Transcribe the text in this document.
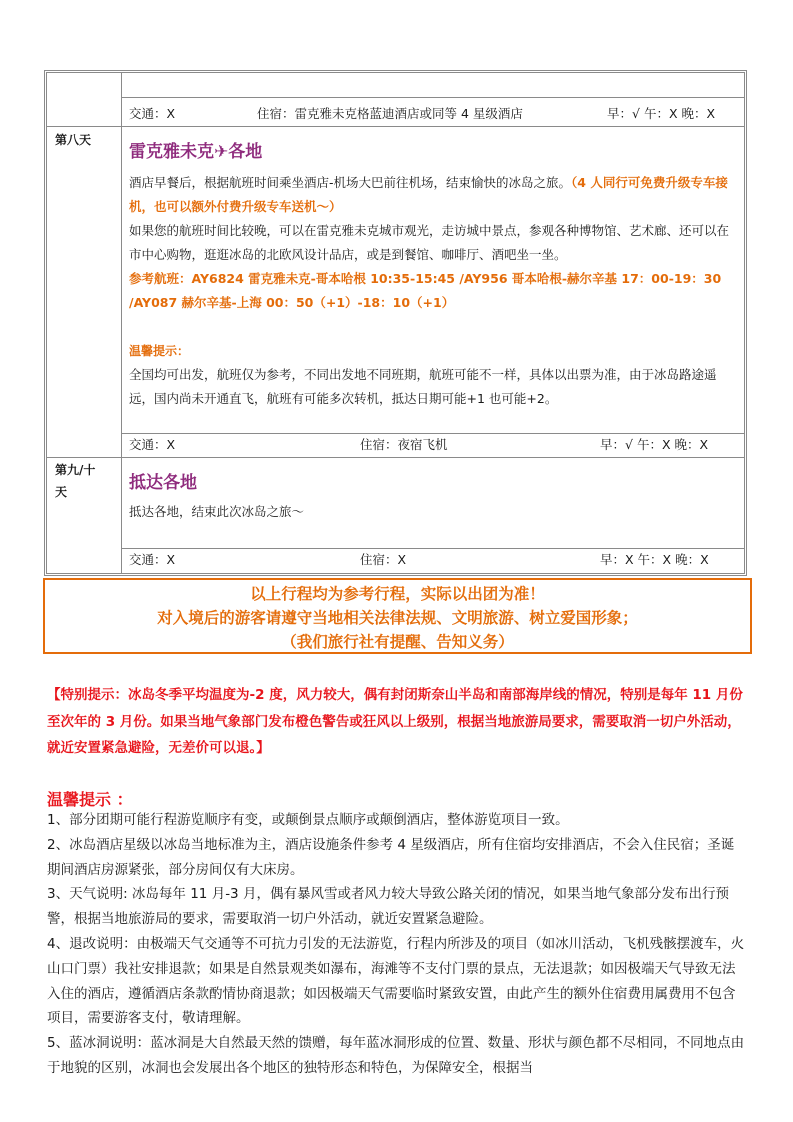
交通：X	住宿：雷克雅未克格蓝迪酒店或同等 4 星级酒店	早：√ 午：X 晚：X
第八天
雷克雅未克✈各地
酒店早餐后，根据航班时间乘坐酒店-机场大巴前往机场，结束愉快的冰岛之旅。（4 人同行可免费升级专车接机，也可以额外付费升级专车送机～）
如果您的航班时间比较晚，可以在雷克雅未克城市观光，走访城中景点，参观各种博物馆、艺术廊、还可以在市中心购物，逛逛冰岛的北欧风设计品店，或是到餐馆、咖啡厅、酒吧坐一坐。
参考航班：AY6824 雷克雅未克-哥本哈根 10:35-15:45 /AY956 哥本哈根-赫尔辛基 17：00-19：30 /AY087 赫尔辛基-上海 00：50（+1）-18：10（+1）

温馨提示：
全国均可出发，航班仅为参考，不同出发地不同班期，航班可能不一样，具体以出票为准，由于冰岛路途遥远，国内尚未开通直飞，航班有可能多次转机，抵达日期可能+1 也可能+2。
交通：X	住宿：夜宿飞机	早：√ 午：X 晚：X
第九/十天	抵达各地
抵达各地，结束此次冰岛之旅～
交通：X	住宿：X	早：X 午：X 晚：X
以上行程均为参考行程，实际以出团为准！
对入境后的游客请遵守当地相关法律法规、文明旅游、树立爱国形象；
（我们旅行社有提醒、告知义务）
【特别提示：冰岛冬季平均温度为-2 度，风力较大，偶有封闭斯奈山半岛和南部海岸线的情况，特别是每年 11 月份至次年的 3 月份。如果当地气象部门发布橙色警告或狂风以上级别，根据当地旅游局要求，需要取消一切户外活动，就近安置紧急避险，无差价可以退。】
温馨提示 ：

1、部分团期可能行程游览顺序有变，或颠倒景点顺序或颠倒酒店，整体游览项目一致。

2、冰岛酒店星级以冰岛当地标准为主，酒店设施条件参考 4 星级酒店，所有住宿均安排酒店，不会入住民宿；圣诞期间酒店房源紧张，部分房间仅有大床房。

3、天气说明: 冰岛每年 11 月-3 月，偶有暴风雪或者风力较大导致公路关闭的情况，如果当地气象部分发布出行预警，根据当地旅游局的要求，需要取消一切户外活动，就近安置紧急避险。

4、退改说明：由极端天气交通等不可抗力引发的无法游览，行程内所涉及的项目（如冰川活动，飞机残骸摆渡车，火山口门票）我社安排退款；如果是自然景观类如瀑布，海滩等不支付门票的景点，无法退款；如因极端天气导致无法入住的酒店，遵循酒店条款酌情协商退款；如因极端天气需要临时紧致安置，由此产生的额外住宿费用属费用不包含项目，需要游客支付，敬请理解。

5、蓝冰洞说明：蓝冰洞是大自然最天然的馈赠，每年蓝冰洞形成的位置、数量、形状与颜色都不尽相同，不同地点由于地貌的区别，冰洞也会发展出各个地区的独特形态和特色，为保障安全，根据当
